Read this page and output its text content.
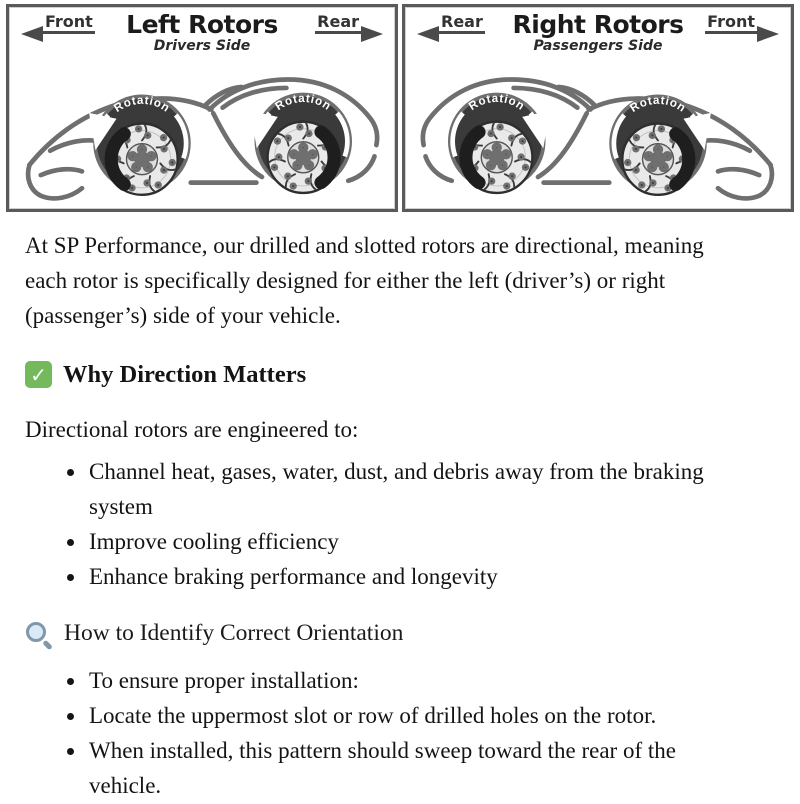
Front	Rear
Left Rotors
Drivers Side
Rotation	Rotation
Rear	Front
Right Rotors
Passengers Side
Rotation
Rotation

At SP Performance, our drilled and slotted rotors are directional, meaning each rotor is specifically designed for either the left (driver’s) or right (passenger’s) side of your vehicle.

✓ Why Direction Matters

Directional rotors are engineered to:

• Channel heat, gases, water, dust, and debris away from the braking system
• Improve cooling efficiency
• Enhance braking performance and longevity
How to Identify Correct Orientation
• To ensure proper installation:
• Locate the uppermost slot or row of drilled holes on the rotor.
• When installed, this pattern should sweep toward the rear of the vehicle.
